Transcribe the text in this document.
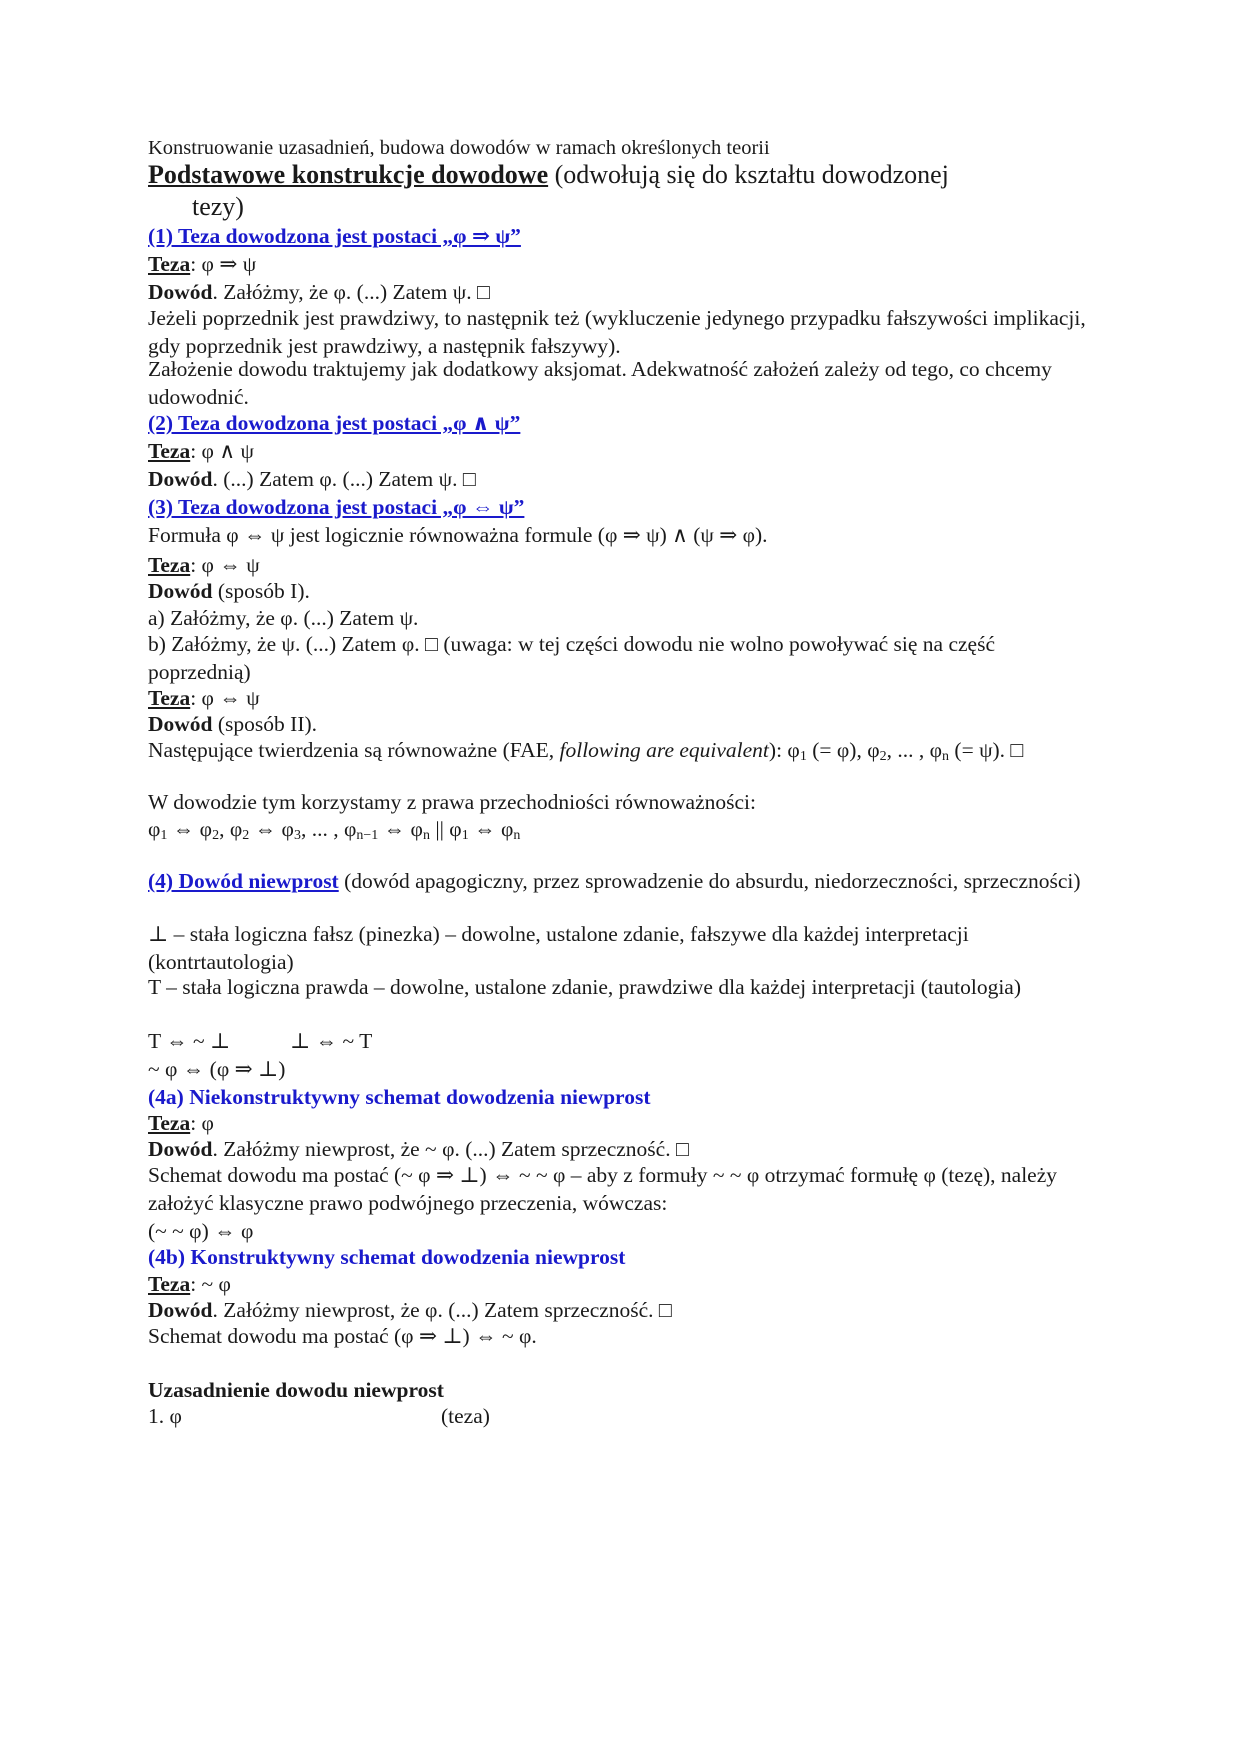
Konstruowanie uzasadnień, budowa dowodów w ramach określonych teorii

Podstawowe konstrukcje dowodowe (odwołują się do kształtu dowodzonej
tezy)

(1) Teza dowodzona jest postaci „φ ⇒ ψ”

Teza: φ ⇒ ψ

Dowód. Załóżmy, że φ. (...) Zatem ψ. □

Jeżeli poprzednik jest prawdziwy, to następnik też (wykluczenie jedynego przypadku fałszywości implikacji, gdy poprzednik jest prawdziwy, a następnik fałszywy).

Założenie dowodu traktujemy jak dodatkowy aksjomat. Adekwatność założeń zależy od tego, co chcemy udowodnić.

(2) Teza dowodzona jest postaci „φ ∧ ψ”

Teza: φ ∧ ψ

Dowód. (...) Zatem φ. (...) Zatem ψ. □

(3) Teza dowodzona jest postaci „φ ⇔ ψ”

Formuła φ ⇔ ψ jest logicznie równoważna formule (φ ⇒ ψ) ∧ (ψ ⇒ φ).

Teza: φ ⇔ ψ

Dowód (sposób I).

a) Załóżmy, że φ. (...) Zatem ψ.

b) Załóżmy, że ψ. (...) Zatem φ. □ (uwaga: w tej części dowodu nie wolno powoływać się na część poprzednią)

Teza: φ ⇔ ψ

Dowód (sposób II).

Następujące twierdzenia są równoważne (FAE, following are equivalent): $\varphi_1$ (= φ), $\varphi_2$, ... , $\varphi_n$ (= ψ). □

W dowodzie tym korzystamy z prawa przechodniości równoważności:

$\varphi_1$ ⇔ $\varphi_2$, $\varphi_2$ ⇔ $\varphi_3$, ... , $\varphi_{n-1}$ ⇔ $\varphi_n$ || $\varphi_1$ ⇔ $\varphi_n$

(4) Dowód niewprost (dowód apagogiczny, przez sprowadzenie do absurdu, niedorzeczności, sprzeczności)

⊥ – stała logiczna fałsz (pinezka) – dowolne, ustalone zdanie, fałszywe dla każdej interpretacji (kontrtautologia)

T – stała logiczna prawda – dowolne, ustalone zdanie, prawdziwe dla każdej interpretacji (tautologia)

T ⇔ ~ ⊥	⊥ ⇔ ~ T

~ φ ⇔ (φ ⇒ ⊥)

(4a) Niekonstruktywny schemat dowodzenia niewprost

Teza: φ

Dowód. Załóżmy niewprost, że ~ φ. (...) Zatem sprzeczność. □

Schemat dowodu ma postać (~ φ ⇒ ⊥) ⇔ ~ ~ φ – aby z formuły ~ ~ φ otrzymać formułę φ (tezę), należy założyć klasyczne prawo podwójnego przeczenia, wówczas:

(~ ~ φ) ⇔ φ

(4b) Konstruktywny schemat dowodzenia niewprost

Teza: ~ φ

Dowód. Załóżmy niewprost, że φ. (...) Zatem sprzeczność. □

Schemat dowodu ma postać (φ ⇒ ⊥) ⇔ ~ φ.

Uzasadnienie dowodu niewprost

1. φ	(teza)
